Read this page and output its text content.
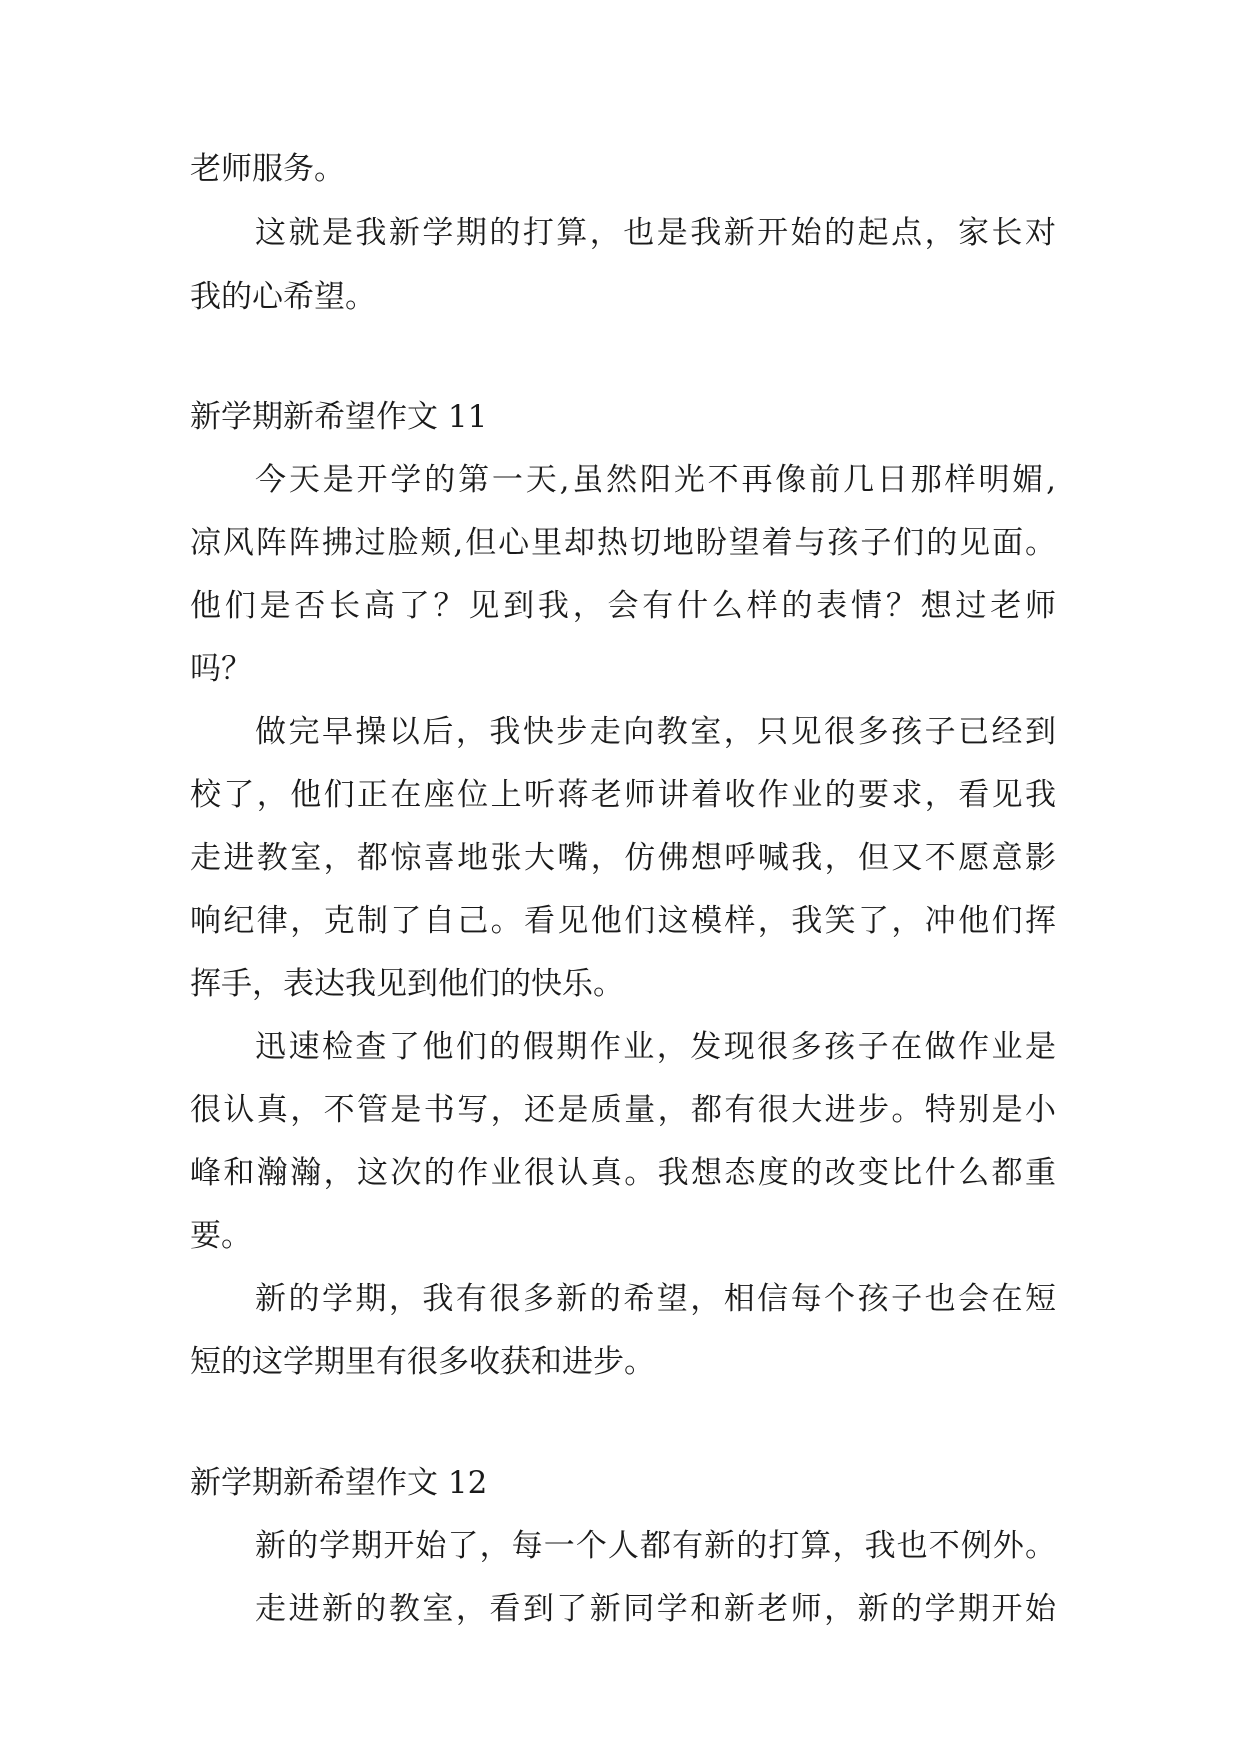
老师服务。
这就是我新学期的打算，也是我新开始的起点，家长对
我的心希望。
新学期新希望作文 11
今天是开学的第一天,虽然阳光不再像前几日那样明媚,
凉风阵阵拂过脸颊,但心里却热切地盼望着与孩子们的见面。
他们是否长高了？见到我，会有什么样的表情？想过老师
吗？
做完早操以后，我快步走向教室，只见很多孩子已经到
校了，他们正在座位上听蒋老师讲着收作业的要求，看见我
走进教室，都惊喜地张大嘴，仿佛想呼喊我，但又不愿意影
响纪律，克制了自己。看见他们这模样，我笑了，冲他们挥
挥手，表达我见到他们的快乐。
迅速检查了他们的假期作业，发现很多孩子在做作业是
很认真，不管是书写，还是质量，都有很大进步。特别是小
峰和瀚瀚，这次的作业很认真。我想态度的改变比什么都重
要。
新的学期，我有很多新的希望，相信每个孩子也会在短
短的这学期里有很多收获和进步。
新学期新希望作文 12
新的学期开始了，每一个人都有新的打算，我也不例外。
走进新的教室，看到了新同学和新老师，新的学期开始
